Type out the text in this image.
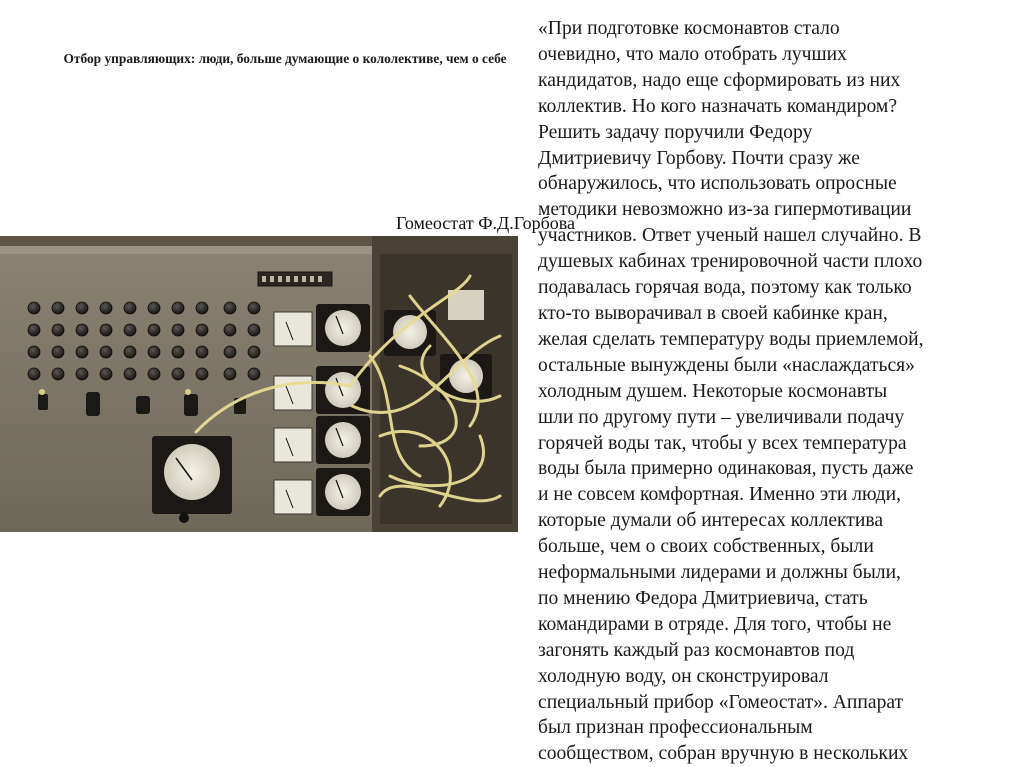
Отбор управляющих: люди, больше думающие о кололективе, чем о себе
Гомеостат Ф.Д.Горбова

«При подготовке космонавтов стало
очевидно, что мало отобрать лучших
кандидатов, надо еще сформировать из них
коллектив. Но кого назначать командиром?
Решить задачу поручили Федору
Дмитриевичу Горбову. Почти сразу же
обнаружилось, что использовать опросные
методики невозможно из-за гипермотивации
участников. Ответ ученый нашел случайно. В
душевых кабинах тренировочной части плохо
подавалась горячая вода, поэтому как только
кто-то выворачивал в своей кабинке кран,
желая сделать температуру воды приемлемой,
остальные вынуждены были «наслаждаться»
холодным душем. Некоторые космонавты
шли по другому пути – увеличивали подачу
горячей воды так, чтобы у всех температура
воды была примерно одинаковая, пусть даже
и не совсем комфортная. Именно эти люди,
которые думали об интересах коллектива
больше, чем о своих собственных, были
неформальными лидерами и должны были,
по мнению Федора Дмитриевича, стать
командирами в отряде. Для того, чтобы не
загонять каждый раз космонавтов под
холодную воду, он сконструировал
специальный прибор «Гомеостат». Аппарат
был признан профессиональным
сообществом, собран вручную в нескольких
